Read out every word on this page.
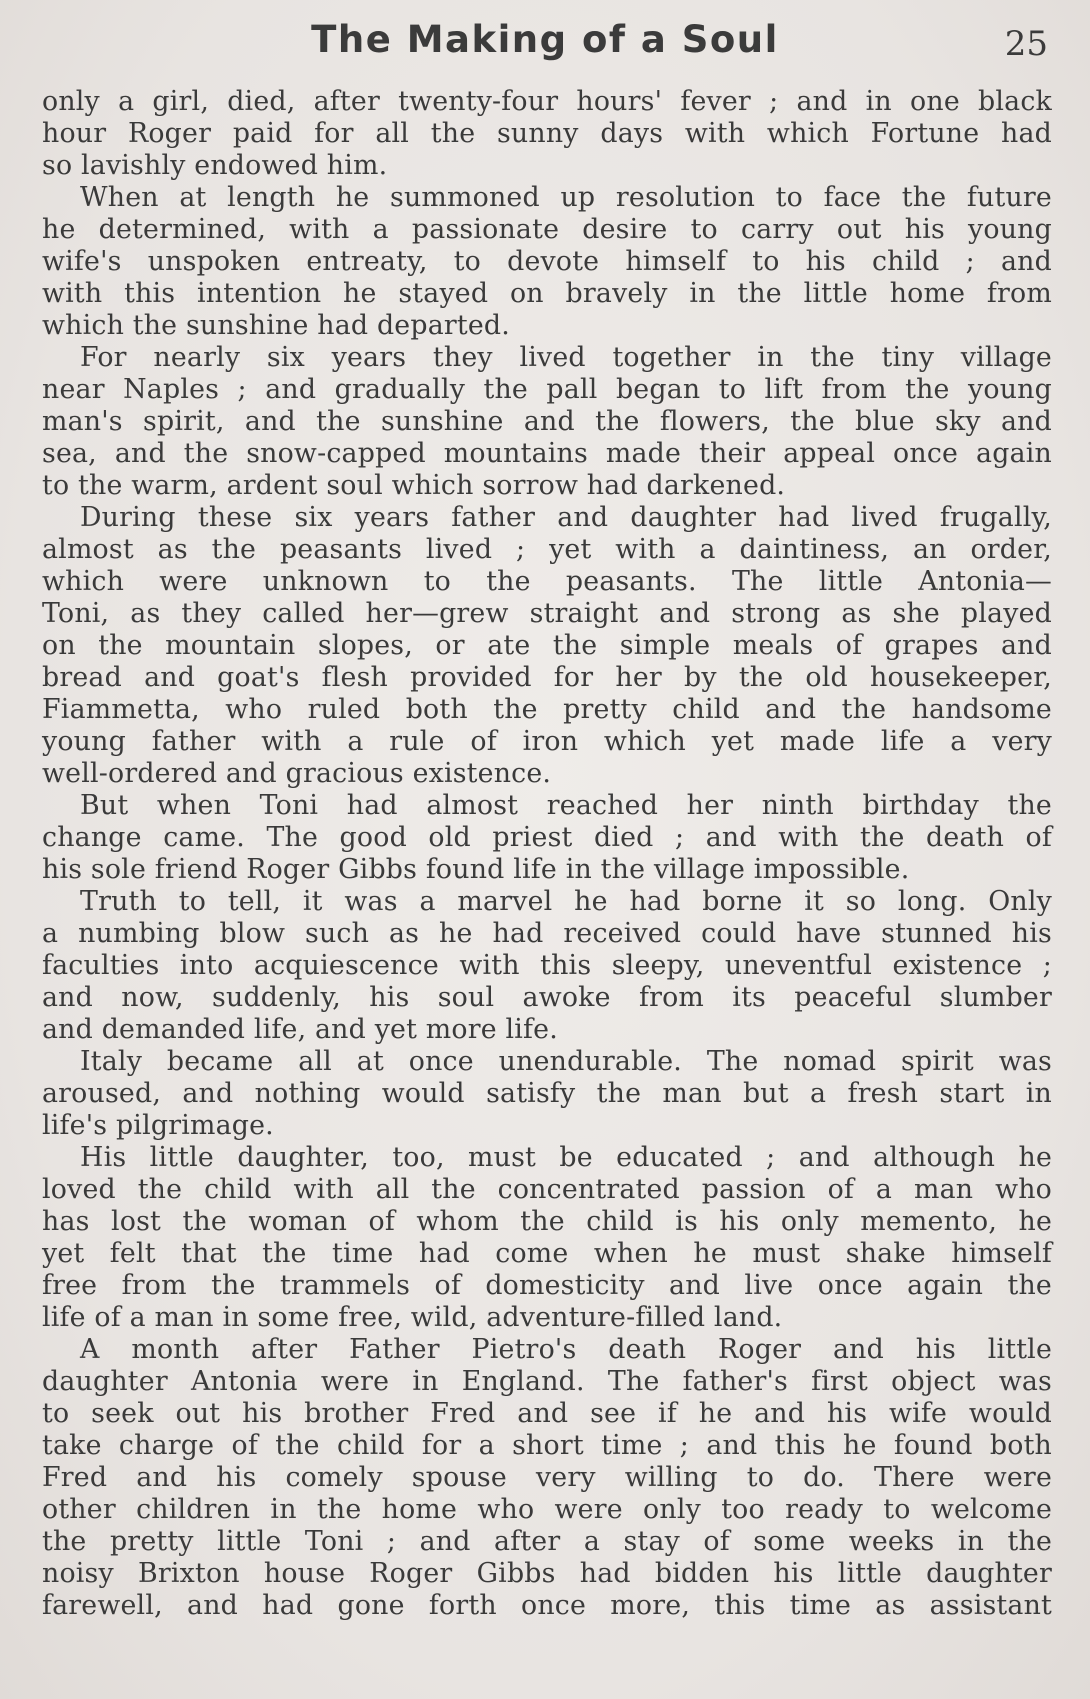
The Making of a Soul	25
only a girl, died, after twenty-four hours' fever ; and in one black
hour Roger paid for all the sunny days with which Fortune had
so lavishly endowed him.
When at length he summoned up resolution to face the future
he determined, with a passionate desire to carry out his young
wife's unspoken entreaty, to devote himself to his child ; and
with this intention he stayed on bravely in the little home from
which the sunshine had departed.
For nearly six years they lived together in the tiny village
near Naples ; and gradually the pall began to lift from the young
man's spirit, and the sunshine and the flowers, the blue sky and
sea, and the snow-capped mountains made their appeal once again
to the warm, ardent soul which sorrow had darkened.
During these six years father and daughter had lived frugally,
almost as the peasants lived ; yet with a daintiness, an order,
which were unknown to the peasants. The little Antonia—
Toni, as they called her—grew straight and strong as she played
on the mountain slopes, or ate the simple meals of grapes and
bread and goat's flesh provided for her by the old housekeeper,
Fiammetta, who ruled both the pretty child and the handsome
young father with a rule of iron which yet made life a very
well-ordered and gracious existence.
But when Toni had almost reached her ninth birthday the
change came. The good old priest died ; and with the death of
his sole friend Roger Gibbs found life in the village impossible.
Truth to tell, it was a marvel he had borne it so long. Only
a numbing blow such as he had received could have stunned his
faculties into acquiescence with this sleepy, uneventful existence ;
and now, suddenly, his soul awoke from its peaceful slumber
and demanded life, and yet more life.
Italy became all at once unendurable. The nomad spirit was
aroused, and nothing would satisfy the man but a fresh start in
life's pilgrimage.
His little daughter, too, must be educated ; and although he
loved the child with all the concentrated passion of a man who
has lost the woman of whom the child is his only memento, he
yet felt that the time had come when he must shake himself
free from the trammels of domesticity and live once again the
life of a man in some free, wild, adventure-filled land.
A month after Father Pietro's death Roger and his little
daughter Antonia were in England. The father's first object was
to seek out his brother Fred and see if he and his wife would
take charge of the child for a short time ; and this he found both
Fred and his comely spouse very willing to do. There were
other children in the home who were only too ready to welcome
the pretty little Toni ; and after a stay of some weeks in the
noisy Brixton house Roger Gibbs had bidden his little daughter
farewell, and had gone forth once more, this time as assistant
